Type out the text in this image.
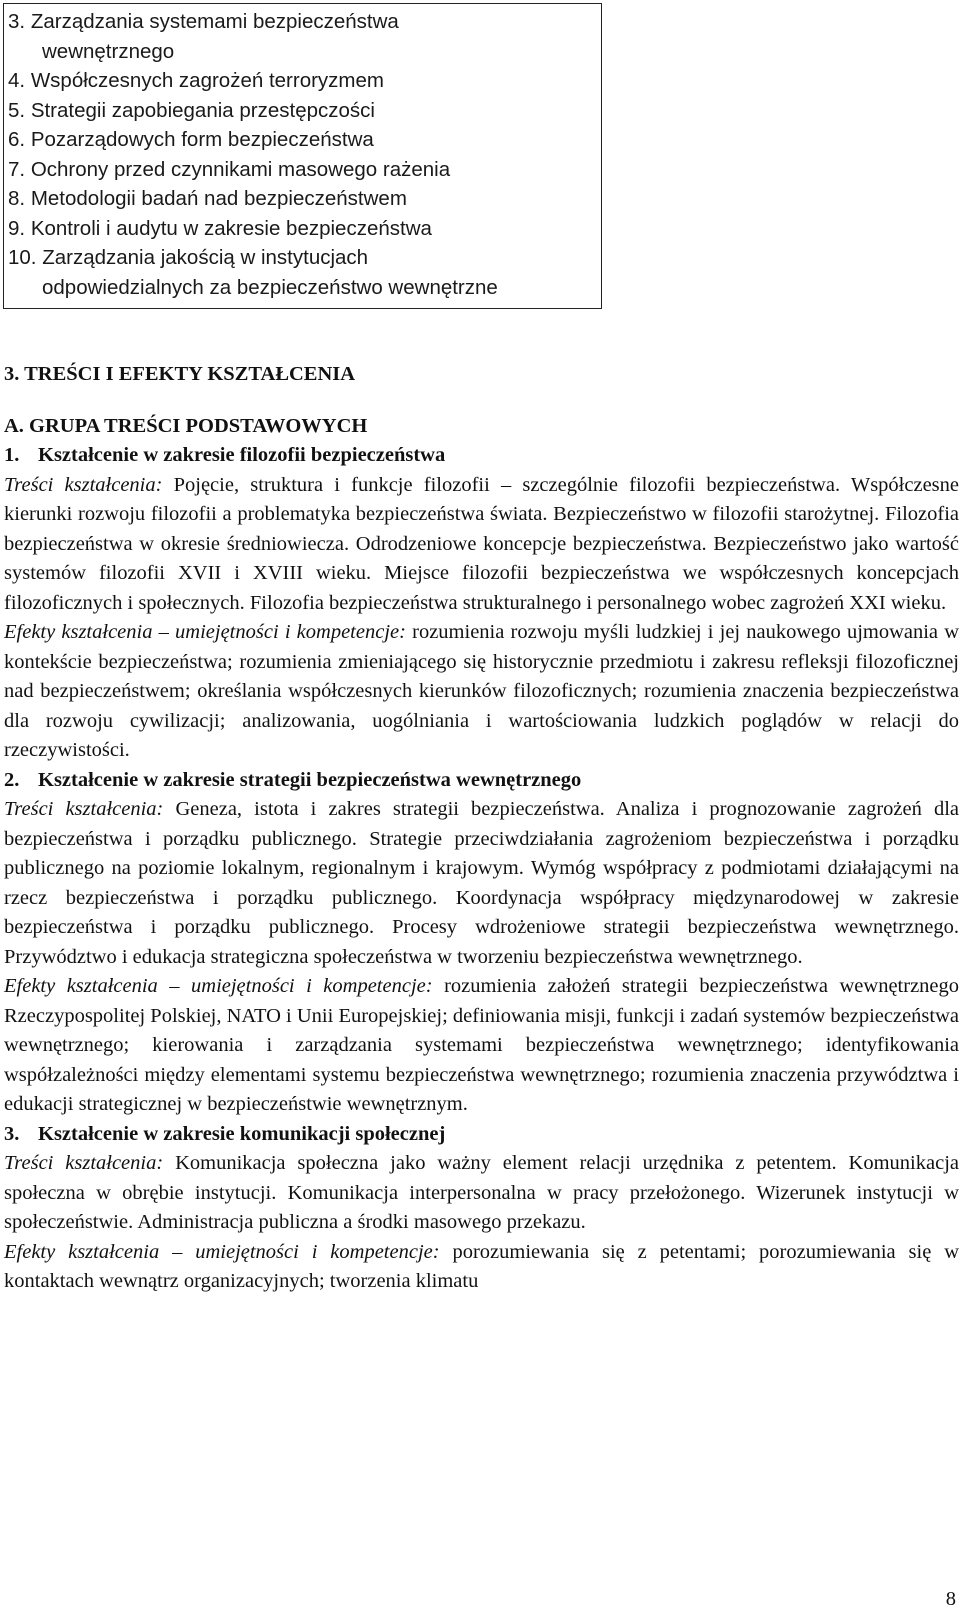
3. Zarządzania systemami bezpieczeństwa
wewnętrznego
4. Współczesnych zagrożeń terroryzmem
5. Strategii zapobiegania przestępczości
6. Pozarządowych form bezpieczeństwa
7. Ochrony przed czynnikami masowego rażenia
8. Metodologii badań nad bezpieczeństwem
9. Kontroli i audytu w zakresie bezpieczeństwa
10. Zarządzania jakością w instytucjach
odpowiedzialnych za bezpieczeństwo wewnętrzne

3. TREŚCI I EFEKTY KSZTAŁCENIA

A. GRUPA TREŚCI PODSTAWOWYCH

1. Kształcenie w zakresie filozofii bezpieczeństwa

Treści kształcenia: Pojęcie, struktura i funkcje filozofii – szczególnie filozofii bezpieczeństwa. Współczesne kierunki rozwoju filozofii a problematyka bezpieczeństwa świata. Bezpieczeństwo w filozofii starożytnej. Filozofia bezpieczeństwa w okresie średniowiecza. Odrodzeniowe koncepcje bezpieczeństwa. Bezpieczeństwo jako wartość systemów filozofii XVII i XVIII wieku. Miejsce filozofii bezpieczeństwa we współczesnych koncepcjach filozoficznych i społecznych. Filozofia bezpieczeństwa strukturalnego i personalnego wobec zagrożeń XXI wieku.

Efekty kształcenia – umiejętności i kompetencje: rozumienia rozwoju myśli ludzkiej i jej naukowego ujmowania w kontekście bezpieczeństwa; rozumienia zmieniającego się historycznie przedmiotu i zakresu refleksji filozoficznej nad bezpieczeństwem; określania współczesnych kierunków filozoficznych; rozumienia znaczenia bezpieczeństwa dla rozwoju cywilizacji; analizowania, uogólniania i wartościowania ludzkich poglądów w relacji do rzeczywistości.

2. Kształcenie w zakresie strategii bezpieczeństwa wewnętrznego

Treści kształcenia: Geneza, istota i zakres strategii bezpieczeństwa. Analiza i prognozowanie zagrożeń dla bezpieczeństwa i porządku publicznego. Strategie przeciwdziałania zagrożeniom bezpieczeństwa i porządku publicznego na poziomie lokalnym, regionalnym i krajowym. Wymóg współpracy z podmiotami działającymi na rzecz bezpieczeństwa i porządku publicznego. Koordynacja współpracy międzynarodowej w zakresie bezpieczeństwa i porządku publicznego. Procesy wdrożeniowe strategii bezpieczeństwa wewnętrznego. Przywództwo i edukacja strategiczna społeczeństwa w tworzeniu bezpieczeństwa wewnętrznego.

Efekty kształcenia – umiejętności i kompetencje: rozumienia założeń strategii bezpieczeństwa wewnętrznego Rzeczypospolitej Polskiej, NATO i Unii Europejskiej; definiowania misji, funkcji i zadań systemów bezpieczeństwa wewnętrznego; kierowania i zarządzania systemami bezpieczeństwa wewnętrznego; identyfikowania współzależności między elementami systemu bezpieczeństwa wewnętrznego; rozumienia znaczenia przywództwa i edukacji strategicznej w bezpieczeństwie wewnętrznym.

3. Kształcenie w zakresie komunikacji społecznej

Treści kształcenia: Komunikacja społeczna jako ważny element relacji urzędnika z petentem. Komunikacja społeczna w obrębie instytucji. Komunikacja interpersonalna w pracy przełożonego. Wizerunek instytucji w społeczeństwie. Administracja publiczna a środki masowego przekazu.

Efekty kształcenia – umiejętności i kompetencje: porozumiewania się z petentami; porozumiewania się w kontaktach wewnątrz organizacyjnych; tworzenia klimatu

8
